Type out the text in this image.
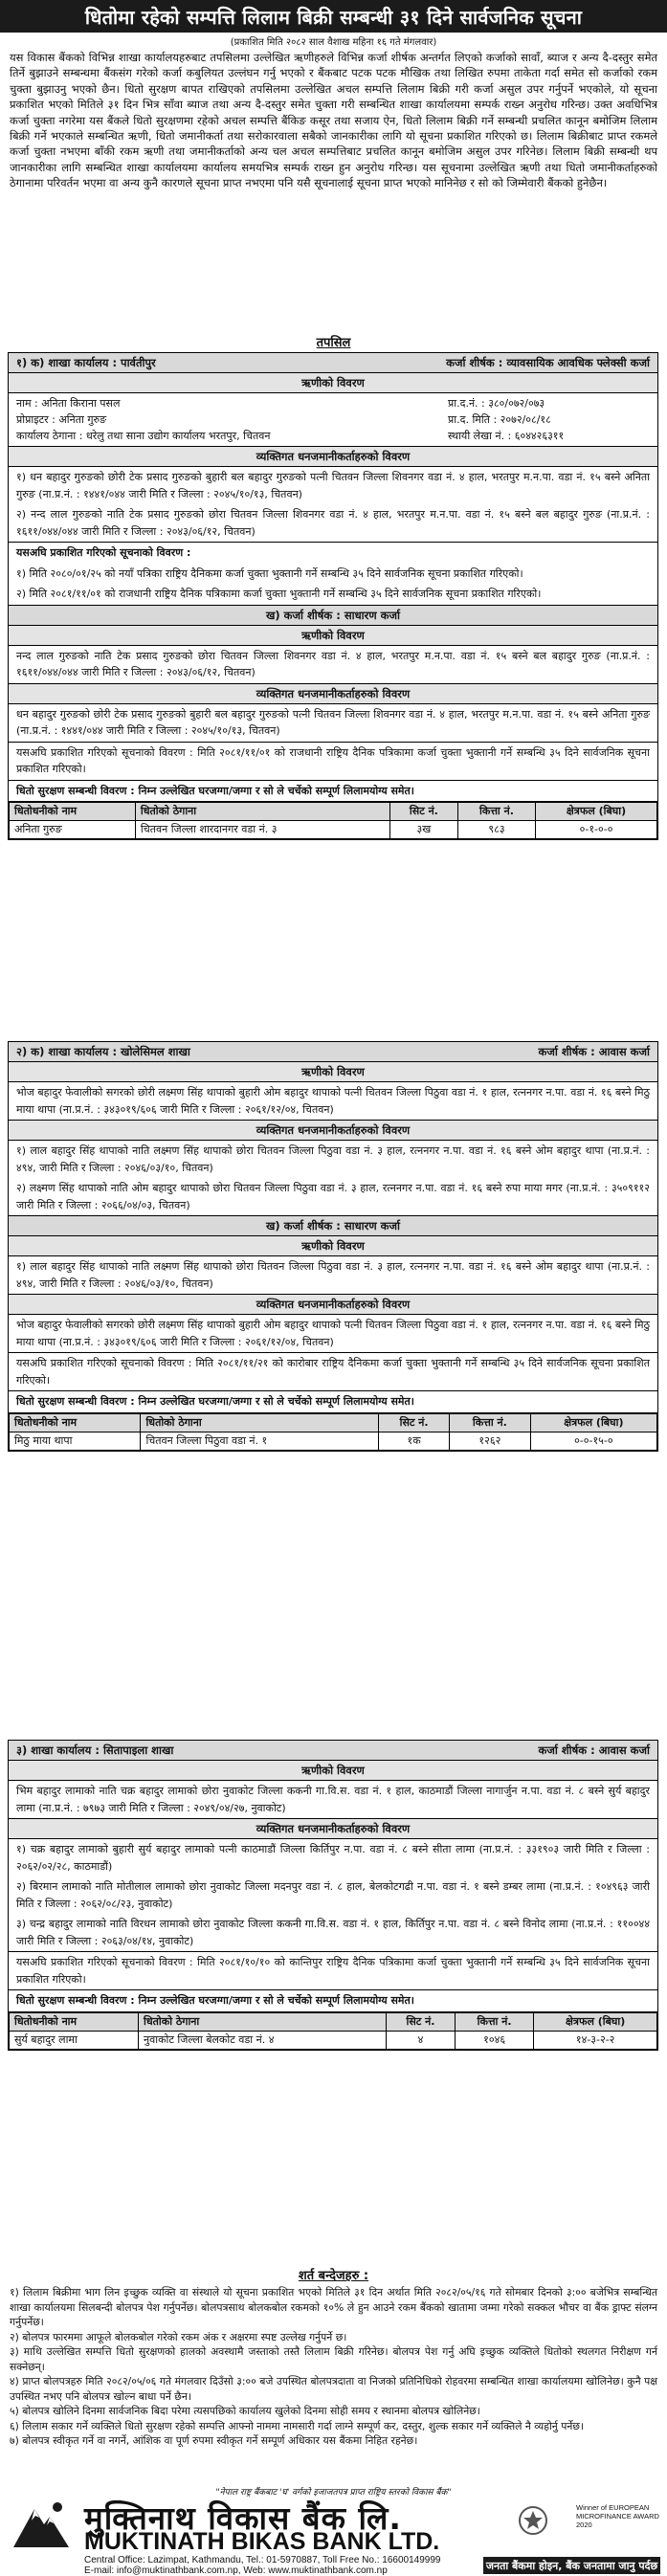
धितोमा रहेको सम्पत्ति लिलाम बिक्री सम्बन्धी ३१ दिने सार्वजनिक सूचना
(प्रकाशित मिति २०८२ साल वैशाख महिना १६ गते मंगलवार)
यस विकास बैंकको विभिन्न शाखा कार्यालयहरुबाट तपसिलमा उल्लेखित ऋणीहरुले विभिन्न कर्जा शीर्षक अन्तर्गत लिएको कर्जाको सावाँ, ब्याज र अन्य दै-दस्तुर समेत तिर्ने बुझाउने सम्बन्धमा बैंकसंग गरेको कर्जा कबुलियत उल्लंघन गर्नु भएको र बैंकबाट पटक पटक मौखिक तथा लिखित रुपमा ताकेता गर्दा समेत सो कर्जाको रकम चुक्ता बुझाउनु भएको छैन। धितो सुरक्षण बापत राखिएको तपसिलमा उल्लेखित अचल सम्पत्ति लिलाम बिक्री गरी कर्जा असुल उपर गर्नुपर्ने भएकोले, यो सूचना प्रकाशित भएको मितिले ३१ दिन भित्र साँवा ब्याज तथा अन्य दै-दस्तुर समेत चुक्ता गरी सम्बन्धित शाखा कार्यालयमा सम्पर्क राख्न अनुरोध गरिन्छ। उक्त अवधिभित्र कर्जा चुक्ता नगरेमा यस बैंकले धितो सुरक्षणमा रहेको अचल सम्पत्ति बैंकिङ कसूर तथा सजाय ऐन, धितो लिलाम बिक्री गर्ने सम्बन्धी प्रचलित कानून बमोजिम लिलाम बिक्री गर्ने भएकाले सम्बन्धित ऋणी, धितो जमानीकर्ता तथा सरोकारवाला सबैको जानकारीका लागि यो सूचना प्रकाशित गरिएको छ। लिलाम बिक्रीबाट प्राप्त रकमले कर्जा चुक्ता नभएमा बाँकी रकम ऋणी तथा जमानीकर्ताको अन्य चल अचल सम्पत्तिबाट प्रचलित कानून बमोजिम असुल उपर गरिनेछ। लिलाम बिक्री सम्बन्धी थप जानकारीका लागि सम्बन्धित शाखा कार्यालयमा कार्यालय समयभित्र सम्पर्क राख्न हुन अनुरोध गरिन्छ। यस सूचनामा उल्लेखित ऋणी तथा धितो जमानीकर्ताहरुको ठेगानामा परिवर्तन भएमा वा अन्य कुनै कारणले सूचना प्राप्त नभएमा पनि यसै सूचनालाई सूचना प्राप्त भएको मानिनेछ र सो को जिम्मेवारी बैंकको हुनेछैन।
तपसिल
१) क) शाखा कार्यालय : पार्वतीपुर	कर्जा शीर्षक : व्यावसायिक आवधिक फ्लेक्सी कर्जा
ऋणीको विवरण
नाम : अनिता किराना पसल	प्रा.द.नं. : ३८०/०७२/०७३
प्रोप्राइटर : अनिता गुरुङ	प्रा.द. मिति : २०७२/०८/१८
कार्यालय ठेगाना : धरेलु तथा साना उद्योग कार्यालय भरतपुर, चितवन	स्थायी लेखा नं. : ६०४४२६३११
व्यक्तिगत धनजमानीकर्ताहरुको विवरण
१) धन बहादुर गुरुङको छोरी टेक प्रसाद गुरुङको बुहारी बल बहादुर गुरुङको पत्नी चितवन जिल्ला शिवनगर वडा नं. ४ हाल, भरतपुर म.न.पा. वडा नं. १५ बस्ने अनिता गुरुङ (ना.प्र.नं. : १४४१/०४४ जारी मिति र जिल्ला : २०४५/१०/१३, चितवन)
२) नन्द लाल गुरुङको नाति टेक प्रसाद गुरुङको छोरा चितवन जिल्ला शिवनगर वडा नं. ४ हाल, भरतपुर म.न.पा. वडा नं. १५ बस्ने बल बहादुर गुरुङ (ना.प्र.नं. : १६११/०४४/०४४ जारी मिति र जिल्ला : २०४३/०६/१२, चितवन)
यसअघि प्रकाशित गरिएको सूचनाको विवरण :
१) मिति २०८०/०१/२५ को नयाँ पत्रिका राष्ट्रिय दैनिकमा कर्जा चुक्ता भुक्तानी गर्ने सम्बन्धि ३५ दिने सार्वजनिक सूचना प्रकाशित गरिएको।
२) मिति २०८१/११/०१ को राजधानी राष्ट्रिय दैनिक पत्रिकामा कर्जा चुक्ता भुक्तानी गर्ने सम्बन्धि ३५ दिने सार्वजनिक सूचना प्रकाशित गरिएको।
ख) कर्जा शीर्षक : साधारण कर्जा
ऋणीको विवरण
नन्द लाल गुरुङको नाति टेक प्रसाद गुरुङको छोरा चितवन जिल्ला शिवनगर वडा नं. ४ हाल, भरतपुर म.न.पा. वडा नं. १५ बस्ने बल बहादुर गुरुङ (ना.प्र.नं. : १६११/०४४/०४४ जारी मिति र जिल्ला : २०४३/०६/१२, चितवन)
व्यक्तिगत धनजमानीकर्ताहरुको विवरण
धन बहादुर गुरुङको छोरी टेक प्रसाद गुरुङको बुहारी बल बहादुर गुरुङको पत्नी चितवन जिल्ला शिवनगर वडा नं. ४ हाल, भरतपुर म.न.पा. वडा नं. १५ बस्ने अनिता गुरुङ (ना.प्र.नं. : १४४१/०४४ जारी मिति र जिल्ला : २०४५/१०/१३, चितवन)
यसअघि प्रकाशित गरिएको सूचनाको विवरण : मिति २०८१/११/०१ को राजधानी राष्ट्रिय दैनिक पत्रिकामा कर्जा चुक्ता भुक्तानी गर्ने सम्बन्धि ३५ दिने सार्वजनिक सूचना प्रकाशित गरिएको।
धितो सुरक्षण सम्बन्धी विवरण : निम्न उल्लेखित घरजग्गा/जग्गा र सो ले चर्चेको सम्पूर्ण लिलामयोग्य समेत।
धितोधनीको नाम	धितोको ठेगाना	सिट नं.	कित्ता नं.	क्षेत्रफल (बिघा)
अनिता गुरुङ	चितवन जिल्ला शारदानगर वडा नं. ३	३ख	९८३	०-१-०-०
२) क) शाखा कार्यालय : खोलेसिमल शाखा	कर्जा शीर्षक : आवास कर्जा
ऋणीको विवरण
भोज बहादुर फेवालीको सगरको छोरी लक्ष्मण सिंह थापाको बुहारी ओम बहादुर थापाको पत्नी चितवन जिल्ला पिठुवा वडा नं. १ हाल, रत्ननगर न.पा. वडा नं. १६ बस्ने मिठु माया थापा (ना.प्र.नं. : ३४३०१९/६०६ जारी मिति र जिल्ला : २०६१/१२/०४, चितवन)
व्यक्तिगत धनजमानीकर्ताहरुको विवरण
१) लाल बहादुर सिंह थापाको नाति लक्ष्मण सिंह थापाको छोरा चितवन जिल्ला पिठुवा वडा नं. ३ हाल, रत्ननगर न.पा. वडा नं. १६ बस्ने ओम बहादुर थापा (ना.प्र.नं. : ४९४, जारी मिति र जिल्ला : २०४६/०३/१०, चितवन)
२) लक्ष्मण सिंह थापाको नाति ओम बहादुर थापाको छोरा चितवन जिल्ला पिठुवा वडा नं. ३ हाल, रत्ननगर न.पा. वडा नं. १६ बस्ने रुपा माया मगर (ना.प्र.नं. : ३५०९११२ जारी मिति र जिल्ला : २०६६/०४/०३, चितवन)
ख) कर्जा शीर्षक : साधारण कर्जा
ऋणीको विवरण
१) लाल बहादुर सिंह थापाको नाति लक्ष्मण सिंह थापाको छोरा चितवन जिल्ला पिठुवा वडा नं. ३ हाल, रत्ननगर न.पा. वडा नं. १६ बस्ने ओम बहादुर थापा (ना.प्र.नं. : ४९४, जारी मिति र जिल्ला : २०४६/०३/१०, चितवन)
व्यक्तिगत धनजमानीकर्ताहरुको विवरण
भोज बहादुर फेवालीको सगरको छोरी लक्ष्मण सिंह थापाको बुहारी ओम बहादुर थापाको पत्नी चितवन जिल्ला पिठुवा वडा नं. १ हाल, रत्ननगर न.पा. वडा नं. १६ बस्ने मिठु माया थापा (ना.प्र.नं. : ३४३०१९/६०६ जारी मिति र जिल्ला : २०६१/१२/०४, चितवन)
यसअघि प्रकाशित गरिएको सूचनाको विवरण : मिति २०८१/११/२१ को कारोबार राष्ट्रिय दैनिकमा कर्जा चुक्ता भुक्तानी गर्ने सम्बन्धि ३५ दिने सार्वजनिक सूचना प्रकाशित गरिएको।
धितो सुरक्षण सम्बन्धी विवरण : निम्न उल्लेखित घरजग्गा/जग्गा र सो ले चर्चेको सम्पूर्ण लिलामयोग्य समेत।
धितोधनीको नाम	धितोको ठेगाना	सिट नं.	कित्ता नं.	क्षेत्रफल (बिघा)
मिठु माया थापा	चितवन जिल्ला पिठुवा वडा नं. १	१क	१२६२	०-०-१५-०
३) शाखा कार्यालय : सितापाइला शाखा	कर्जा शीर्षक : आवास कर्जा
ऋणीको विवरण
भिम बहादुर लामाको नाति चक्र बहादुर लामाको छोरा नुवाकोट जिल्ला ककनी गा.वि.स. वडा नं. १ हाल, काठमाडौं जिल्ला नागार्जुन न.पा. वडा नं. ८ बस्ने सुर्य बहादुर लामा (ना.प्र.नं. : ७९७३ जारी मिति र जिल्ला : २०४९/०४/२७, नुवाकोट)
व्यक्तिगत धनजमानीकर्ताहरुको विवरण
१) चक्र बहादुर लामाको बुहारी सुर्य बहादुर लामाको पत्नी काठमाडौं जिल्ला किर्तिपुर न.पा. वडा नं. ८ बस्ने सीता लामा (ना.प्र.नं. : ३३१९०३ जारी मिति र जिल्ला : २०६२/०२/२८, काठमाडौं)
२) बिरमान लामाको नाति मोतीलाल लामाको छोरा नुवाकोट जिल्ला मदनपुर वडा नं. ८ हाल, बेलकोटगढी न.पा. वडा नं. १ बस्ने डम्बर लामा (ना.प्र.नं. : १०४९६३ जारी मिति र जिल्ला : २०६२/०८/२३, नुवाकोट)
३) चन्द्र बहादुर लामाको नाति विरधन लामाको छोरा नुवाकोट जिल्ला ककनी गा.वि.स. वडा नं. १ हाल, किर्तिपुर न.पा. वडा नं. ८ बस्ने विनोद लामा (ना.प्र.नं. : ११००४४ जारी मिति र जिल्ला : २०६३/०४/१४, नुवाकोट)
यसअघि प्रकाशित गरिएको सूचनाको विवरण : मिति २०८१/१०/१० को कान्तिपुर राष्ट्रिय दैनिक पत्रिकामा कर्जा चुक्ता भुक्तानी गर्ने सम्बन्धि ३५ दिने सार्वजनिक सूचना प्रकाशित गरिएको।
धितो सुरक्षण सम्बन्धी विवरण : निम्न उल्लेखित घरजग्गा/जग्गा र सो ले चर्चेको सम्पूर्ण लिलामयोग्य समेत।
धितोधनीको नाम	धितोको ठेगाना	सिट नं.	कित्ता नं.	क्षेत्रफल (बिघा)
सुर्य बहादुर लामा	नुवाकोट जिल्ला बेलकोट वडा नं. ४	४	१०४६	१४-३-२-२
शर्त बन्देजहरु :

१) लिलाम बिक्रीमा भाग लिन इच्छुक व्यक्ति वा संस्थाले यो सूचना प्रकाशित भएको मितिले ३१ दिन अर्थात मिति २०८२/०५/१६ गते सोमबार दिनको ३:०० बजेभित्र सम्बन्धित शाखा कार्यालयमा सिलबन्दी बोलपत्र पेश गर्नुपर्नेछ। बोलपत्रसाथ बोलकबोल रकमको १०% ले हुन आउने रकम बैंकको खातामा जम्मा गरेको सक्कल भौचर वा बैंक ड्राफ्ट संलग्न गर्नुपर्नेछ।

२) बोलपत्र फारममा आफूले बोलकबोल गरेको रकम अंक र अक्षरमा स्पष्ट उल्लेख गर्नुपर्ने छ।

३) माथि उल्लेखित सम्पत्ति धितो सुरक्षणको हालको अवस्थामै जस्ताको तस्तै लिलाम बिक्री गरिनेछ। बोलपत्र पेश गर्नु अघि इच्छुक व्यक्तिले धितोको स्थलगत निरीक्षण गर्न सक्नेछन्।

४) प्राप्त बोलपत्रहरु मिति २०८२/०५/०६ गते मंगलवार दिउँसो ३:०० बजे उपस्थित बोलपत्रदाता वा निजको प्रतिनिधिको रोहवरमा सम्बन्धित शाखा कार्यालयमा खोलिनेछ। कुनै पक्ष उपस्थित नभए पनि बोलपत्र खोल्न बाधा पर्ने छैन।

५) बोलपत्र खोलिने दिनमा सार्वजनिक बिदा परेमा त्यसपछिको कार्यालय खुलेको दिनमा सोही समय र स्थानमा बोलपत्र खोलिनेछ।

६) लिलाम सकार गर्ने व्यक्तिले धितो सुरक्षण रहेको सम्पत्ति आफ्नो नाममा नामसारी गर्दा लाग्ने सम्पूर्ण कर, दस्तुर, शुल्क सकार गर्ने व्यक्तिले नै व्यहोर्नु पर्नेछ।

७) बोलपत्र स्वीकृत गर्ने वा नगर्ने, आंशिक वा पूर्ण रुपमा स्वीकृत गर्ने सम्पूर्ण अधिकार यस बैंकमा निहित रहनेछ।

"नेपाल राष्ट्र बैंकबाट 'घ' वर्गको इजाजतपत्र प्राप्त राष्ट्रिय स्तरको विकास बैंक"
मुक्तिनाथ विकास बैंक लि.
MUKTINATH BIKAS BANK LTD.
Central Office: Lazimpat, Kathmandu, Tel.: 01-5970887, Toll Free No.: 16600149999
E-mail: info@muktinathbank.com.np, Web: www.muktinathbank.com.np
Winner of EUROPEAN MICROFINANCE AWARD 2020
जनता बैंकमा होइन, बैंक जनतामा जानु पर्दछ
